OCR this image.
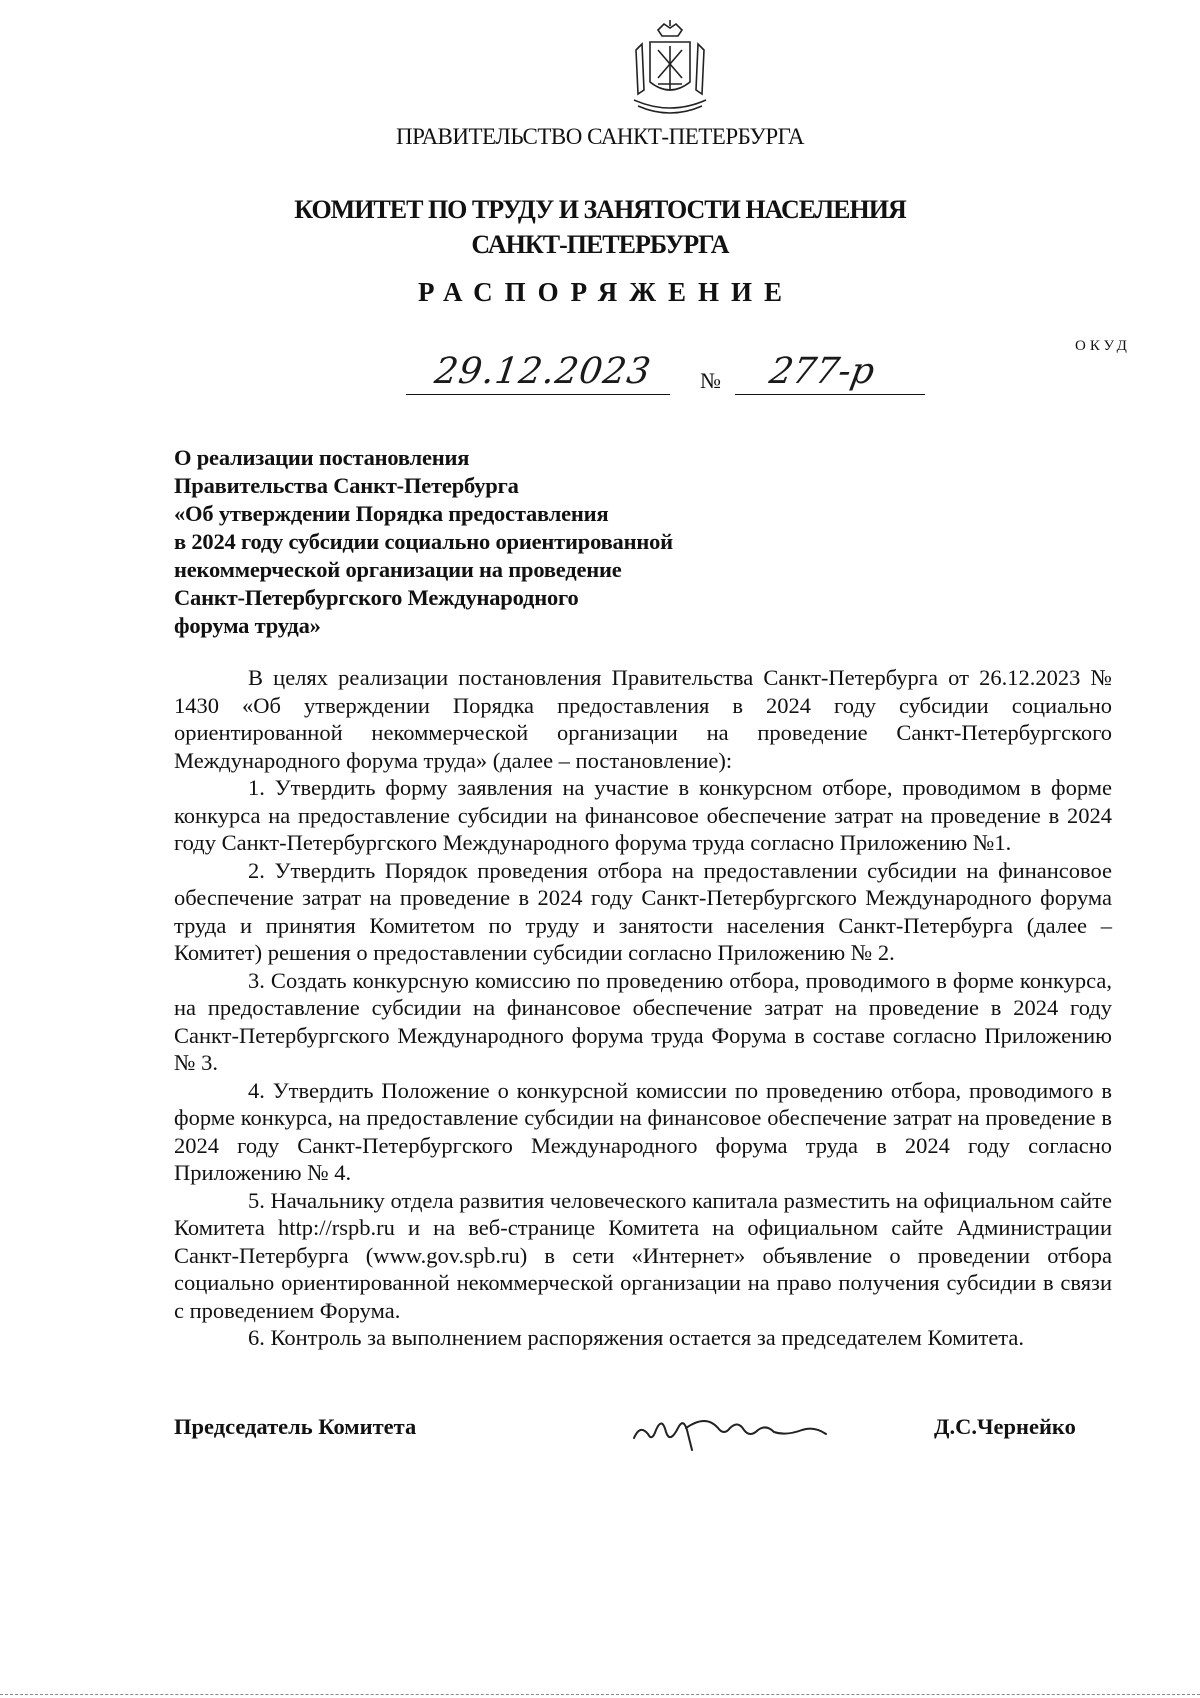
ПРАВИТЕЛЬСТВО САНКТ-ПЕТЕРБУРГА
КОМИТЕТ ПО ТРУДУ И ЗАНЯТОСТИ НАСЕЛЕНИЯ
САНКТ-ПЕТЕРБУРГА
РАСПОРЯЖЕНИЕ
ОКУД
29.12.2023	№ 277-р
О реализации постановления
Правительства Санкт-Петербурга
«Об утверждении Порядка предоставления
в 2024 году субсидии социально ориентированной
некоммерческой организации на проведение
Санкт-Петербургского Международного
форума труда»

В целях реализации постановления Правительства Санкт-Петербурга от 26.12.2023 № 1430 «Об утверждении Порядка предоставления в 2024 году субсидии социально ориентированной некоммерческой организации на проведение Санкт-Петербургского Международного форума труда» (далее – постановление):

1. Утвердить форму заявления на участие в конкурсном отборе, проводимом в форме конкурса на предоставление субсидии на финансовое обеспечение затрат на проведение в 2024 году Санкт-Петербургского Международного форума труда согласно Приложению №1.

2. Утвердить Порядок проведения отбора на предоставлении субсидии на финансовое обеспечение затрат на проведение в 2024 году Санкт-Петербургского Международного форума труда и принятия Комитетом по труду и занятости населения Санкт-Петербурга (далее – Комитет) решения о предоставлении субсидии согласно Приложению № 2.

3. Создать конкурсную комиссию по проведению отбора, проводимого в форме конкурса, на предоставление субсидии на финансовое обеспечение затрат на проведение в 2024 году Санкт-Петербургского Международного форума труда Форума в составе согласно Приложению № 3.

4. Утвердить Положение о конкурсной комиссии по проведению отбора, проводимого в форме конкурса, на предоставление субсидии на финансовое обеспечение затрат на проведение в 2024 году Санкт-Петербургского Международного форума труда в 2024 году согласно Приложению № 4.

5. Начальнику отдела развития человеческого капитала разместить на официальном сайте Комитета http://rspb.ru и на веб-странице Комитета на официальном сайте Администрации Санкт-Петербурга (www.gov.spb.ru) в сети «Интернет» объявление о проведении отбора социально ориентированной некоммерческой организации на право получения субсидии в связи с проведением Форума.

6. Контроль за выполнением распоряжения остается за председателем Комитета.

Председатель Комитета	Д.С.Чернейко
